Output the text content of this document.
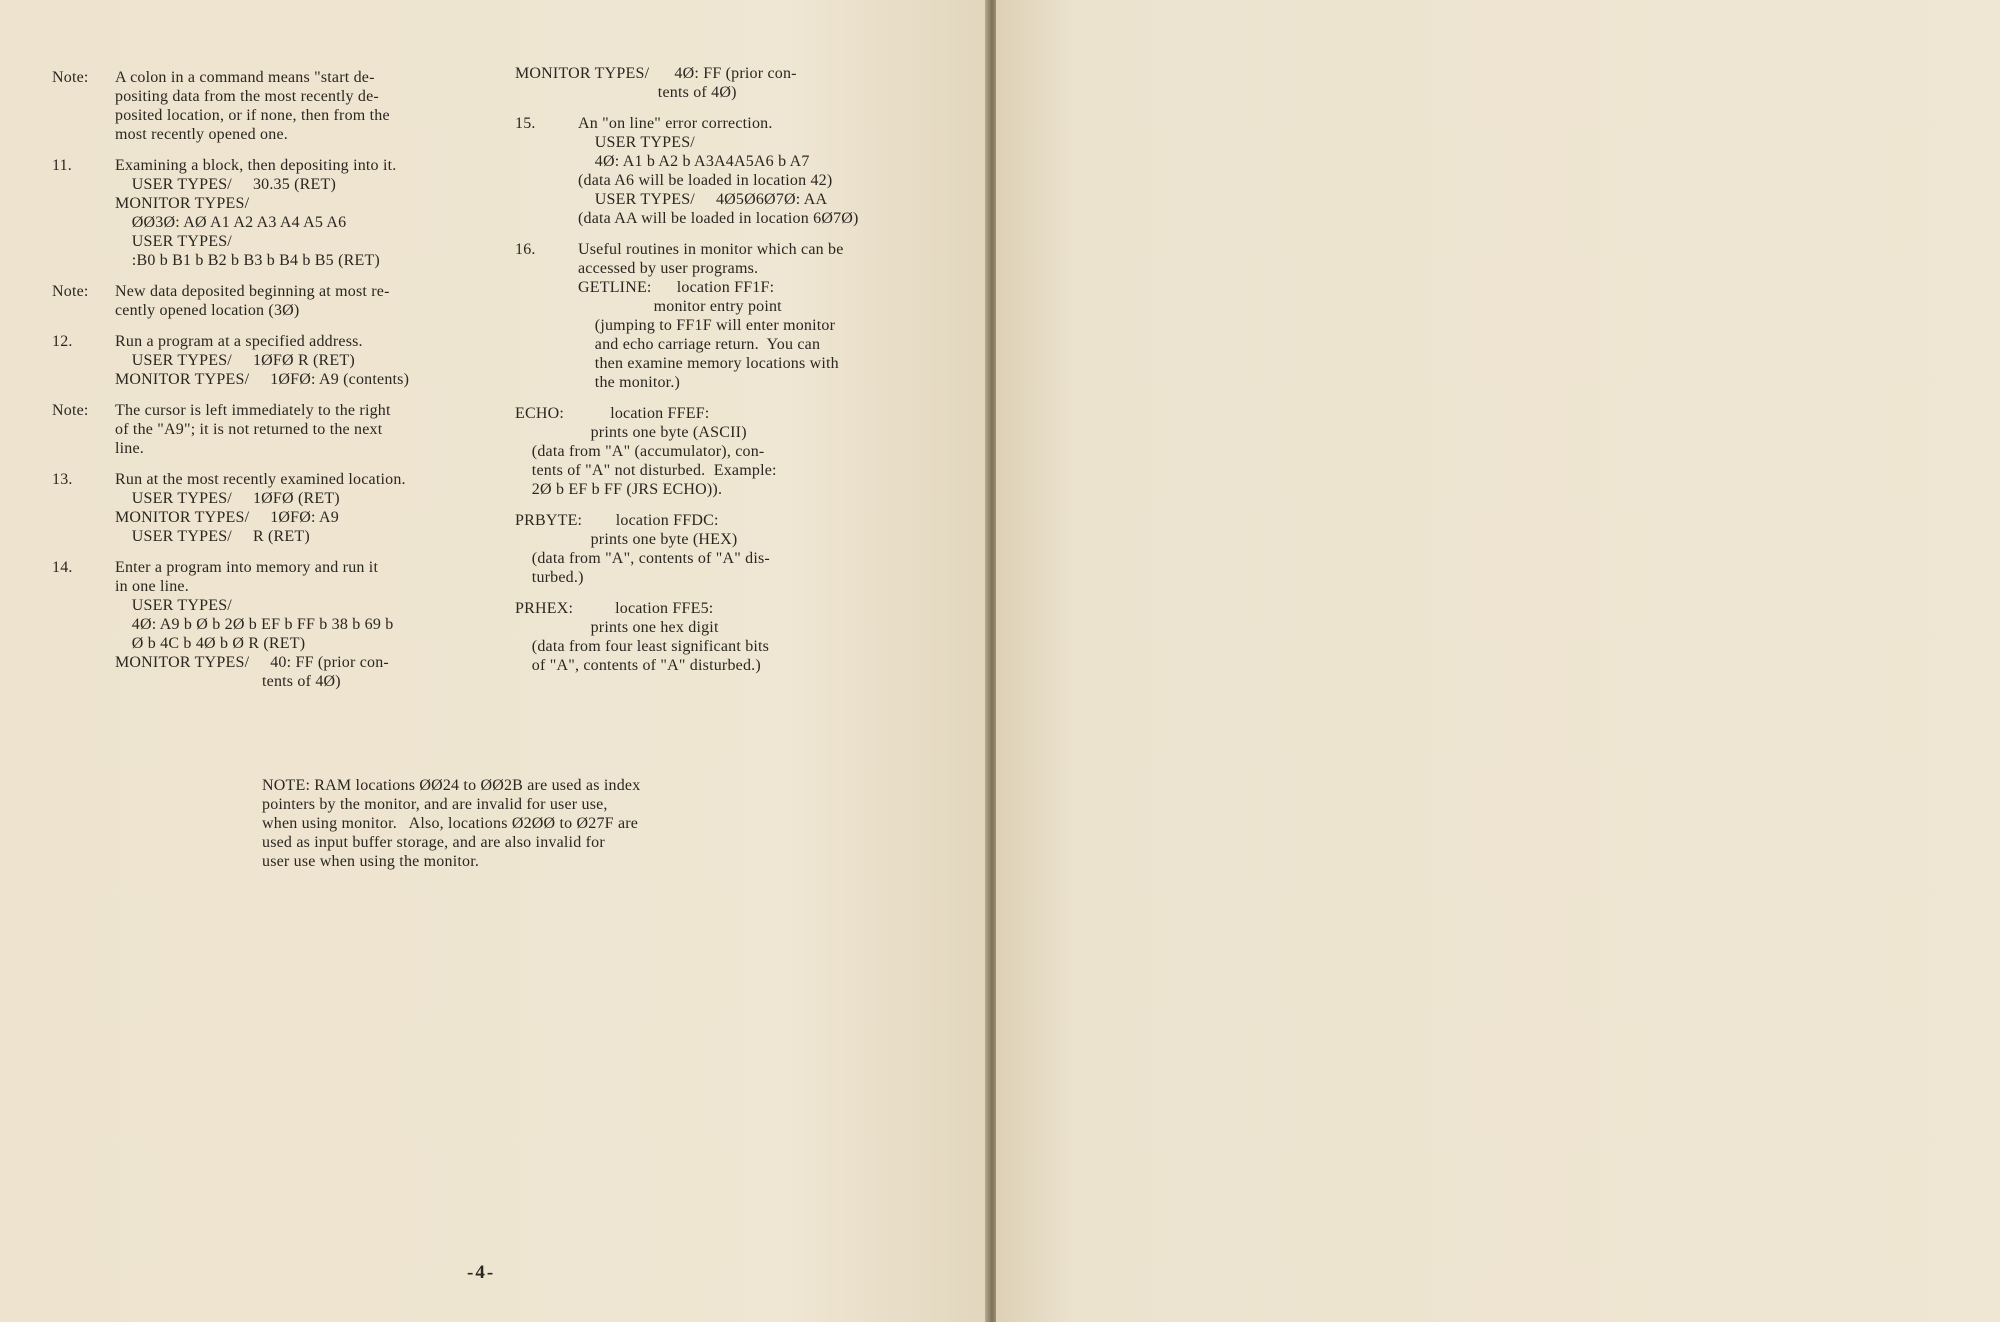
Note: A colon in a command means "start de-
positing data from the most recently de-
posited location, or if none, then from the
most recently opened one.
11.	Examining a block, then depositing into it.
USER TYPES/     30.35 (RET)
MONITOR TYPES/
ØØ3Ø: AØ A1 A2 A3 A4 A5 A6
USER TYPES/
:B0 b B1 b B2 b B3 b B4 b B5 (RET)
Note: New data deposited beginning at most re-
cently opened location (3Ø)
12.	Run a program at a specified address.
USER TYPES/     1ØFØ R (RET)
MONITOR TYPES/     1ØFØ: A9 (contents)
Note: The cursor is left immediately to the right
of the "A9"; it is not returned to the next
line.
13.	Run at the most recently examined location.
USER TYPES/     1ØFØ (RET)
MONITOR TYPES/     1ØFØ: A9
USER TYPES/     R (RET)
14.	Enter a program into memory and run it
in one line.
USER TYPES/
4Ø: A9 b Ø b 2Ø b EF b FF b 38 b 69 b
Ø b 4C b 4Ø b Ø R (RET)
MONITOR TYPES/     40: FF (prior con-
tents of 4Ø)
MONITOR TYPES/      4Ø: FF (prior con-
tents of 4Ø)
15.	An "on line" error correction.
USER TYPES/
4Ø: A1 b A2 b A3A4A5A6 b A7
(data A6 will be loaded in location 42)
USER TYPES/     4Ø5Ø6Ø7Ø: AA
(data AA will be loaded in location 6Ø7Ø)
16.	Useful routines in monitor which can be
accessed by user programs.
GETLINE:      location FF1F:
monitor entry point
(jumping to FF1F will enter monitor
and echo carriage return.  You can
then examine memory locations with
the monitor.)
ECHO:           location FFEF:
prints one byte (ASCII)
(data from "A" (accumulator), con-
tents of "A" not disturbed.  Example:
2Ø b EF b FF (JRS ECHO)).
PRBYTE:        location FFDC:
prints one byte (HEX)
(data from "A", contents of "A" dis-
turbed.)
PRHEX:          location FFE5:
prints one hex digit
(data from four least significant bits
of "A", contents of "A" disturbed.)
NOTE: RAM locations ØØ24 to ØØ2B are used as index
pointers by the monitor, and are invalid for user use,
when using monitor.   Also, locations Ø2ØØ to Ø27F are
used as input buffer storage, and are also invalid for
user use when using the monitor.
-4-
